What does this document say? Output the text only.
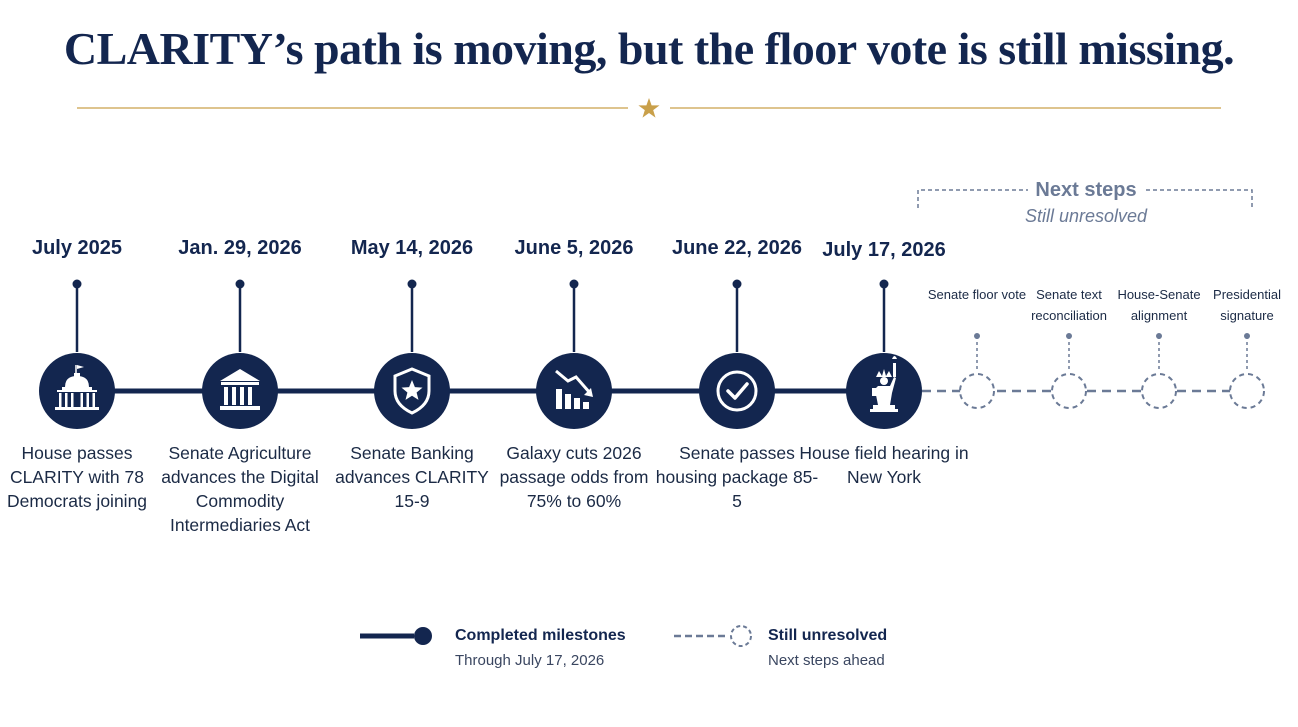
CLARITY’s path is moving, but the floor vote is still missing.
July 2025	Jan. 29, 2026	May 14, 2026	June 5, 2026	June 22, 2026	July 17, 2026
House passes CLARITY with 78 Democrats joining
Senate Agriculture advances the Digital Commodity Intermediaries Act
Senate Banking advances CLARITY 15-9
Galaxy cuts 2026 passage odds from 75% to 60%
Senate passes housing package 85-5
House field hearing in New York
Senate floor vote Senate text reconciliation
House-Senate alignment
Presidential signature
Next steps
Still unresolved
Completed milestones
Through July 17, 2026
Still unresolved
Next steps ahead
